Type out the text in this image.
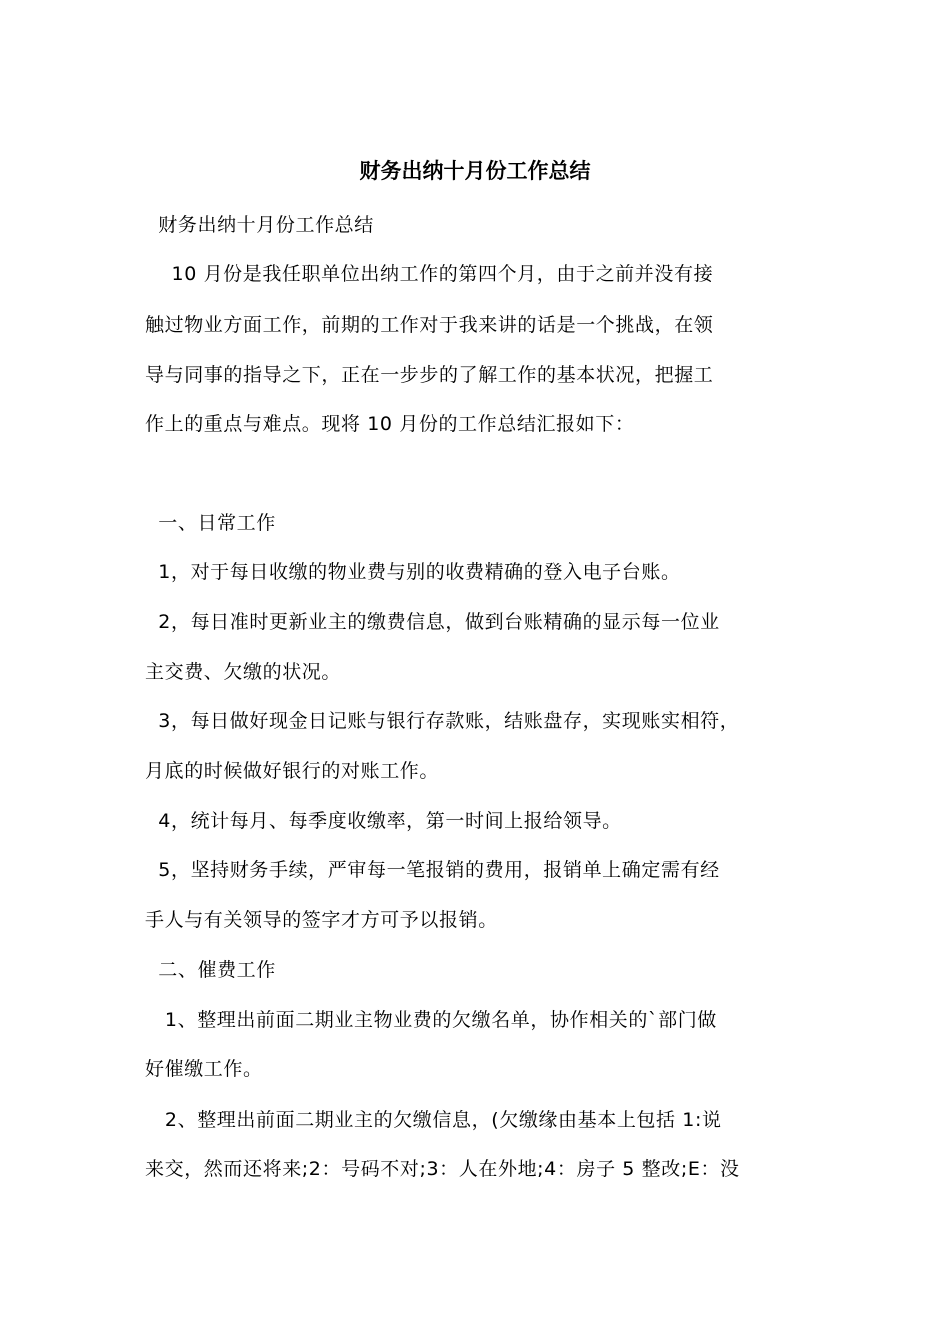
财务出纳十月份工作总结
财务出纳十月份工作总结
10 月份是我任职单位出纳工作的第四个月，由于之前并没有接
触过物业方面工作，前期的工作对于我来讲的话是一个挑战，在领
导与同事的指导之下，正在一步步的了解工作的基本状况，把握工
作上的重点与难点。现将 10 月份的工作总结汇报如下：
一、日常工作
1，对于每日收缴的物业费与别的收费精确的登入电子台账。
2，每日准时更新业主的缴费信息，做到台账精确的显示每一位业
主交费、欠缴的状况。
3，每日做好现金日记账与银行存款账，结账盘存，实现账实相符，
月底的时候做好银行的对账工作。
4，统计每月、每季度收缴率，第一时间上报给领导。
5，坚持财务手续，严审每一笔报销的费用，报销单上确定需有经
手人与有关领导的签字才方可予以报销。
二、催费工作
1、整理出前面二期业主物业费的欠缴名单，协作相关的`部门做
好催缴工作。
2、整理出前面二期业主的欠缴信息，(欠缴缘由基本上包括 1:说
来交，然而还将来;2：号码不对;3：人在外地;4：房子 5 整改;E：没
